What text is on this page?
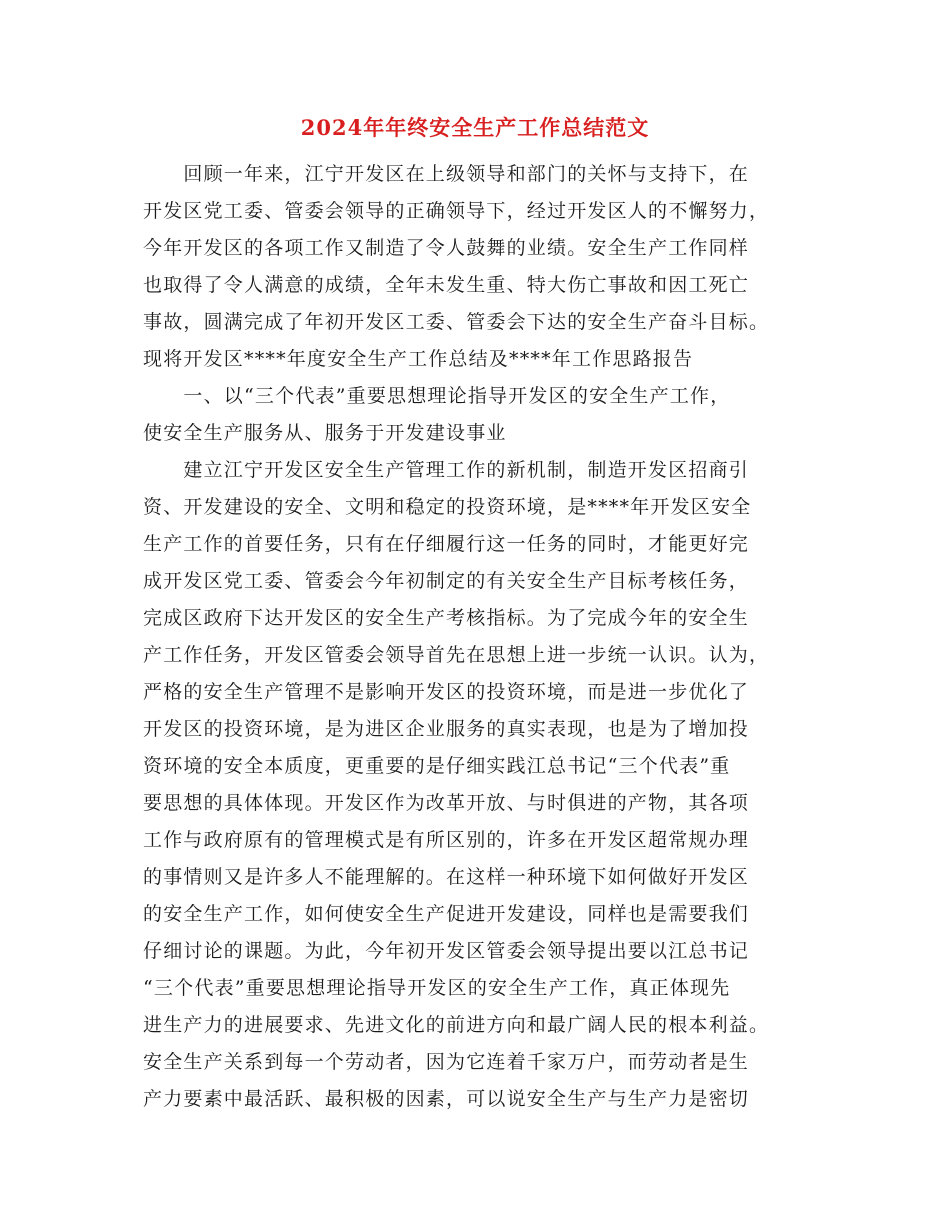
2024年年终安全生产工作总结范文
　　回顾一年来，江宁开发区在上级领导和部门的关怀与支持下，在
开发区党工委、管委会领导的正确领导下，经过开发区人的不懈努力，
今年开发区的各项工作又制造了令人鼓舞的业绩。安全生产工作同样
也取得了令人满意的成绩，全年未发生重、特大伤亡事故和因工死亡
事故，圆满完成了年初开发区工委、管委会下达的安全生产奋斗目标。
现将开发区****年度安全生产工作总结及****年工作思路报告
　　一、以“三个代表”重要思想理论指导开发区的安全生产工作，
使安全生产服务从、服务于开发建设事业
　　建立江宁开发区安全生产管理工作的新机制，制造开发区招商引
资、开发建设的安全、文明和稳定的投资环境，是****年开发区安全
生产工作的首要任务，只有在仔细履行这一任务的同时，才能更好完
成开发区党工委、管委会今年初制定的有关安全生产目标考核任务，
完成区政府下达开发区的安全生产考核指标。为了完成今年的安全生
产工作任务，开发区管委会领导首先在思想上进一步统一认识。认为，
严格的安全生产管理不是影响开发区的投资环境，而是进一步优化了
开发区的投资环境，是为进区企业服务的真实表现，也是为了增加投
资环境的安全本质度，更重要的是仔细实践江总书记“三个代表”重
要思想的具体体现。开发区作为改革开放、与时俱进的产物，其各项
工作与政府原有的管理模式是有所区别的，许多在开发区超常规办理
的事情则又是许多人不能理解的。在这样一种环境下如何做好开发区
的安全生产工作，如何使安全生产促进开发建设，同样也是需要我们
仔细讨论的课题。为此，今年初开发区管委会领导提出要以江总书记
“三个代表”重要思想理论指导开发区的安全生产工作，真正体现先
进生产力的进展要求、先进文化的前进方向和最广阔人民的根本利益。
安全生产关系到每一个劳动者，因为它连着千家万户，而劳动者是生
产力要素中最活跃、最积极的因素，可以说安全生产与生产力是密切
